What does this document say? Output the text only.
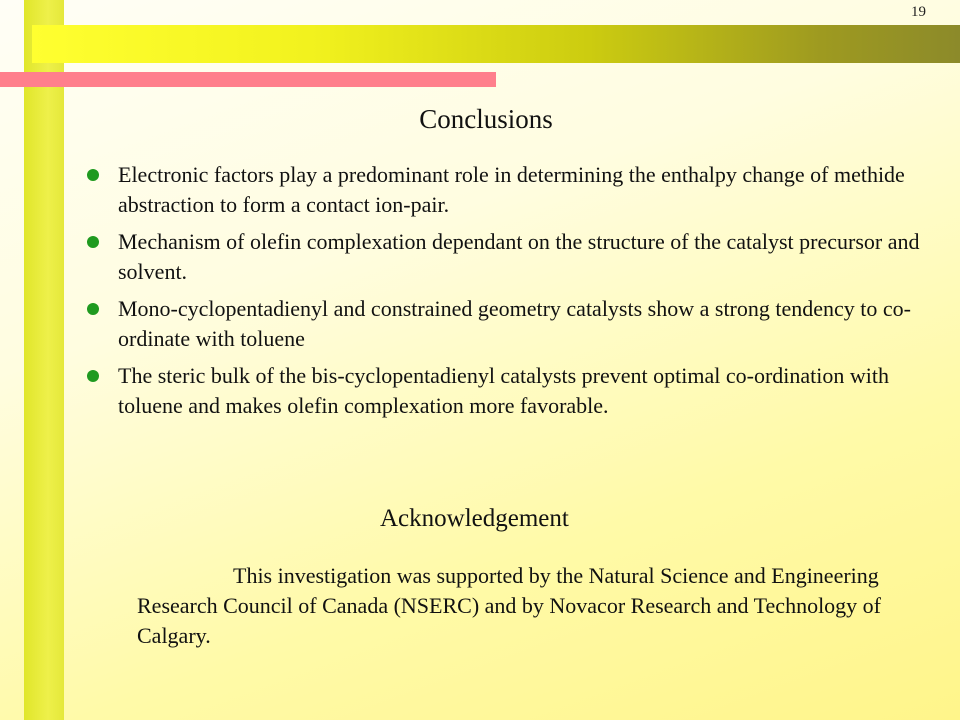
19
Conclusions
Electronic factors play a predominant role in determining the enthalpy change of methide abstraction to form a contact ion-pair.
Mechanism of olefin complexation dependant on the structure of the catalyst precursor and solvent.
Mono-cyclopentadienyl and constrained geometry catalysts show a strong tendency to co-ordinate with toluene
The steric bulk of the bis-cyclopentadienyl catalysts prevent optimal co-ordination with toluene and makes olefin complexation more favorable.
Acknowledgement

This investigation was supported by the Natural Science and Engineering Research Council of Canada (NSERC) and by Novacor Research and Technology of Calgary.
